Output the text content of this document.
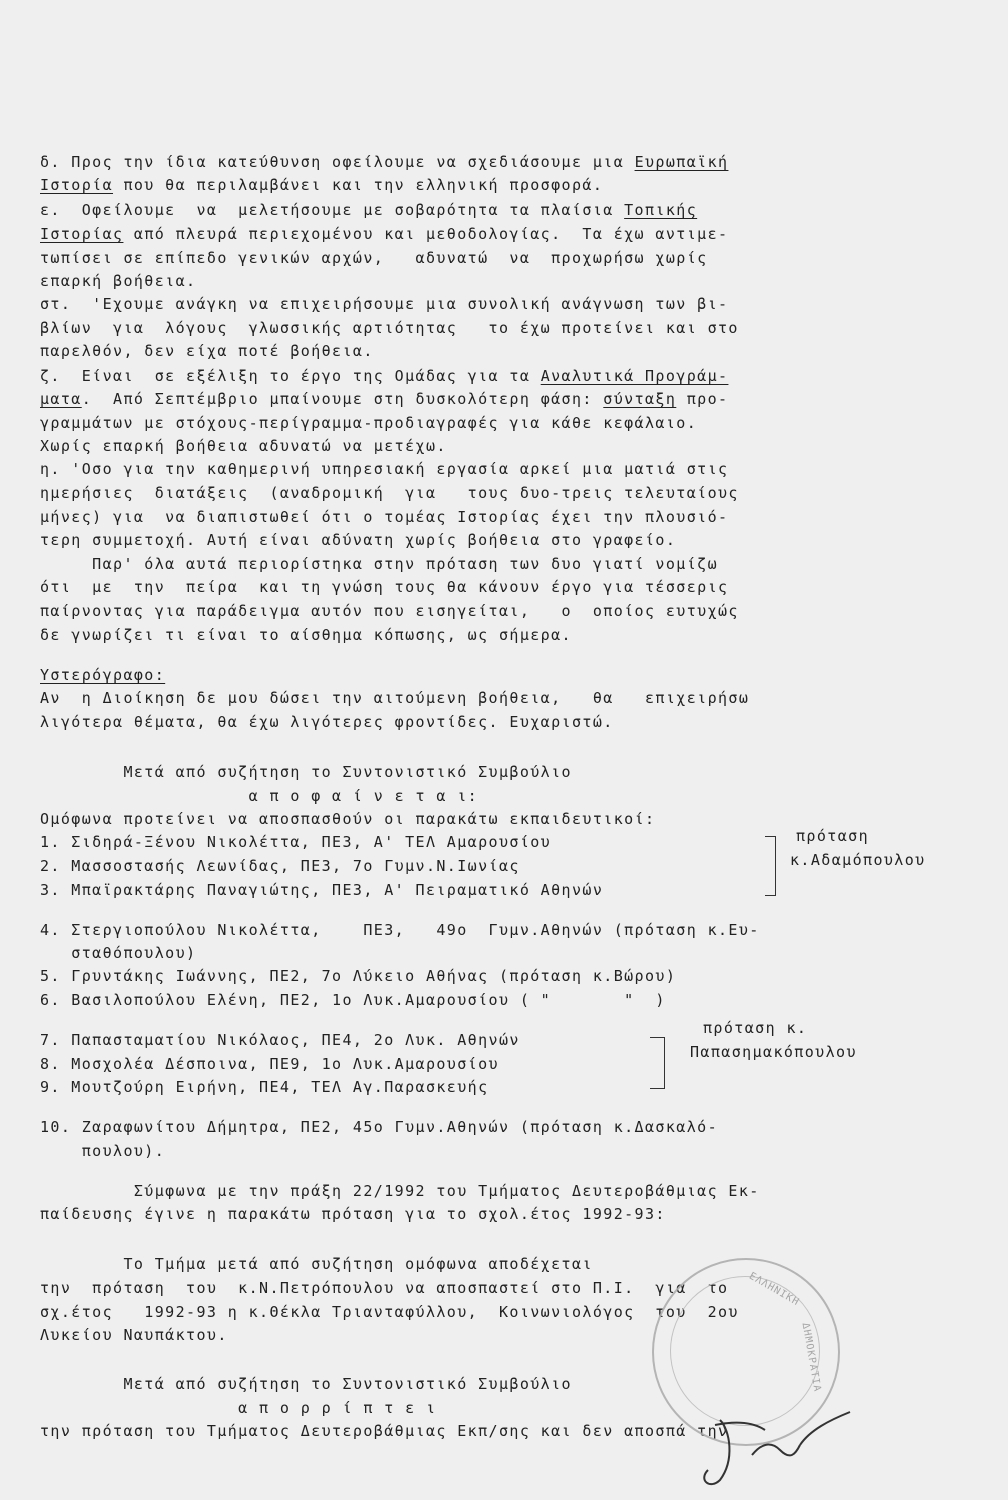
δ. Προς την ίδια κατεύθυνση οφείλουμε να σχεδιάσουμε μια Ευρωπαϊκή

Ιστορία που θα περιλαμβάνει και την ελληνική προσφορά.

ε.  Οφείλουμε  να  μελετήσουμε με σοβαρότητα τα πλαίσια Τοπικής

Ιστορίας από πλευρά περιεχομένου και μεθοδολογίας.  Τα έχω αντιμε-

τωπίσει σε επίπεδο γενικών αρχών,   αδυνατώ  να  προχωρήσω χωρίς

επαρκή βοήθεια.

στ.  'Εχουμε ανάγκη να επιχειρήσουμε μια συνολική ανάγνωση των βι-

βλίων  για  λόγους  γλωσσικής αρτιότητας   το έχω προτείνει και στο

παρελθόν, δεν είχα ποτέ βοήθεια.

ζ.  Είναι  σε εξέλιξη το έργο της Ομάδας για τα Αναλυτικά Προγράμ-

ματα.  Από Σεπτέμβριο μπαίνουμε στη δυσκολότερη φάση: σύνταξη προ-

γραμμάτων με στόχους-περίγραμμα-προδιαγραφές για κάθε κεφάλαιο.

Χωρίς επαρκή βοήθεια αδυνατώ να μετέχω.

η. 'Οσο για την καθημερινή υπηρεσιακή εργασία αρκεί μια ματιά στις

ημερήσιες  διατάξεις  (αναδρομική  για   τους δυο-τρεις τελευταίους

μήνες) για  να διαπιστωθεί ότι ο τομέας Ιστορίας έχει την πλουσιό-

τερη συμμετοχή. Αυτή είναι αδύνατη χωρίς βοήθεια στο γραφείο.

Παρ' όλα αυτά περιορίστηκα στην πρόταση των δυο γιατί νομίζω

ότι  με  την  πείρα  και τη γνώση τους θα κάνουν έργο για τέσσερις

παίρνοντας για παράδειγμα αυτόν που εισηγείται,   ο  οποίος ευτυχώς

δε γνωρίζει τι είναι το αίσθημα κόπωσης, ως σήμερα.

Υστερόγραφο:

Αν  η Διοίκηση δε μου δώσει την αιτούμενη βοήθεια,   θα   επιχειρήσω

λιγότερα θέματα, θα έχω λιγότερες φροντίδες. Ευχαριστώ.

Μετά από συζήτηση το Συντονιστικό Συμβούλιο

α π ο φ α ί ν ε τ α ι:

Ομόφωνα προτείνει να αποσπασθούν οι παρακάτω εκπαιδευτικοί:

1. Σιδηρά-Ξένου Νικολέττα, ΠΕ3, Α' ΤΕΛ Αμαρουσίου

2. Μασσοστασής Λεωνίδας, ΠΕ3, 7ο Γυμν.Ν.Ιωνίας

3. Μπαϊρακτάρης Παναγιώτης, ΠΕ3, Α' Πειραματικό Αθηνών

4. Στεργιοπούλου Νικολέττα,    ΠΕ3,   49ο  Γυμν.Αθηνών (πρόταση κ.Ευ-

σταθόπουλου)

5. Γρυντάκης Ιωάννης, ΠΕ2, 7ο Λύκειο Αθήνας (πρόταση κ.Βώρου)

6. Βασιλοπούλου Ελένη, ΠΕ2, 1ο Λυκ.Αμαρουσίου ( "       "  )

7. Παπασταματίου Νικόλαος, ΠΕ4, 2ο Λυκ. Αθηνών

8. Μοσχολέα Δέσποινα, ΠΕ9, 1ο Λυκ.Αμαρουσίου

9. Μουτζούρη Ειρήνη, ΠΕ4, ΤΕΛ Αγ.Παρασκευής

10. Ζαραφωνίτου Δήμητρα, ΠΕ2, 45ο Γυμν.Αθηνών (πρόταση κ.Δασκαλό-

πουλου).

Σύμφωνα με την πράξη 22/1992 του Τμήματος Δευτεροβάθμιας Εκ-

παίδευσης έγινε η παρακάτω πρόταση για το σχολ.έτος 1992-93:

Το Τμήμα μετά από συζήτηση ομόφωνα αποδέχεται

την  πρόταση  του  κ.Ν.Πετρόπουλου να αποσπαστεί στο Π.Ι.  για  το

σχ.έτος   1992-93 η κ.Θέκλα Τριανταφύλλου,  Κοινωνιολόγος  του  2ου

Λυκείου Ναυπάκτου.

Μετά από συζήτηση το Συντονιστικό Συμβούλιο

α π ο ρ ρ ί π τ ε ι

την πρόταση του Τμήματος Δευτεροβάθμιας Εκπ/σης και δεν αποσπά την

πρόταση

κ.Αδαμόπουλου

πρόταση κ.

Παπασημακόπουλου

ΕΛΛΗΝΙΚΗ
ΔΗΜΟΚΡΑΤΙΑ
